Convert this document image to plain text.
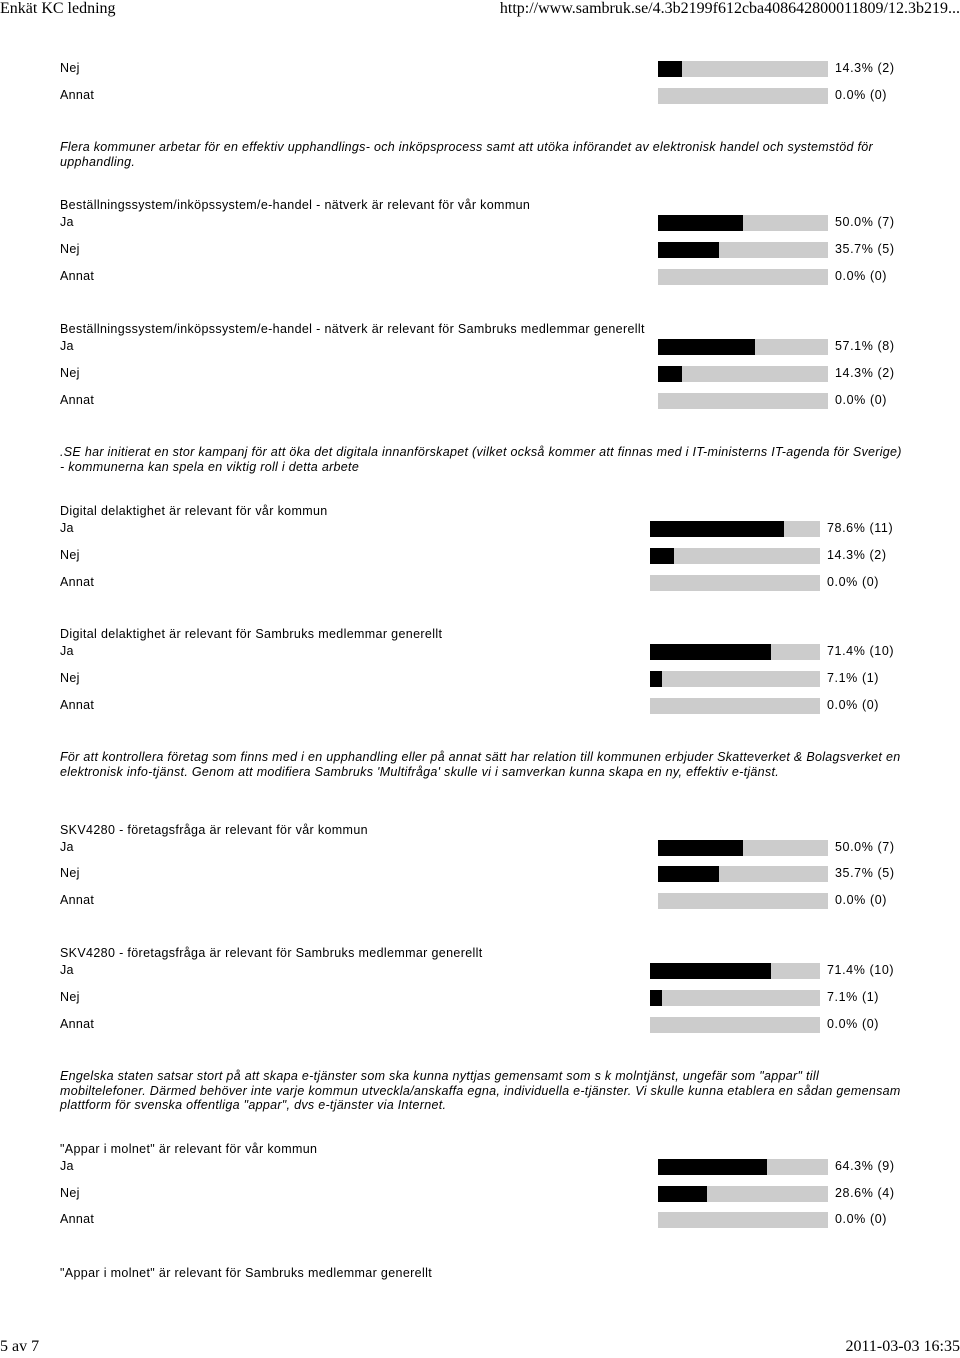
Enkät KC ledning	http://www.sambruk.se/4.3b2199f612cba408642800011809/12.3b219...
Nej	14.3% (2)
Annat	0.0% (0)
Flera kommuner arbetar för en effektiv upphandlings- och inköpsprocess samt att utöka införandet av elektronisk handel och systemstöd för upphandling.
Beställningssystem/inköpssystem/e-handel - nätverk är relevant för vår kommun
Ja	50.0% (7)
Nej	35.7% (5)
Annat	0.0% (0)
Beställningssystem/inköpssystem/e-handel - nätverk är relevant för Sambruks medlemmar generellt
Ja	57.1% (8)
Nej	14.3% (2)
Annat	0.0% (0)
.SE har initierat en stor kampanj för att öka det digitala innanförskapet (vilket också kommer att finnas med i IT-ministerns IT-agenda för Sverige) - kommunerna kan spela en viktig roll i detta arbete
Digital delaktighet är relevant för vår kommun
Ja	78.6% (11)
Nej	14.3% (2)
Annat	0.0% (0)
Digital delaktighet är relevant för Sambruks medlemmar generellt
Ja	71.4% (10)
Nej	7.1% (1)
Annat	0.0% (0)
För att kontrollera företag som finns med i en upphandling eller på annat sätt har relation till kommunen erbjuder Skatteverket & Bolagsverket en elektronisk info-tjänst. Genom att modifiera Sambruks 'Multifråga' skulle vi i samverkan kunna skapa en ny, effektiv e-tjänst.
SKV4280 - företagsfråga är relevant för vår kommun
Ja	50.0% (7)
Nej	35.7% (5)
Annat	0.0% (0)
SKV4280 - företagsfråga är relevant för Sambruks medlemmar generellt
Ja	71.4% (10)
Nej	7.1% (1)
Annat	0.0% (0)
Engelska staten satsar stort på att skapa e-tjänster som ska kunna nyttjas gemensamt som s k molntjänst, ungefär som "appar" till mobiltelefoner. Därmed behöver inte varje kommun utveckla/anskaffa egna, individuella e-tjänster. Vi skulle kunna etablera en sådan gemensam plattform för svenska offentliga "appar", dvs e-tjänster via Internet.
"Appar i molnet" är relevant för vår kommun
Ja	64.3% (9)
Nej	28.6% (4)
Annat	0.0% (0)
"Appar i molnet" är relevant för Sambruks medlemmar generellt
5 av 7	2011-03-03 16:35
